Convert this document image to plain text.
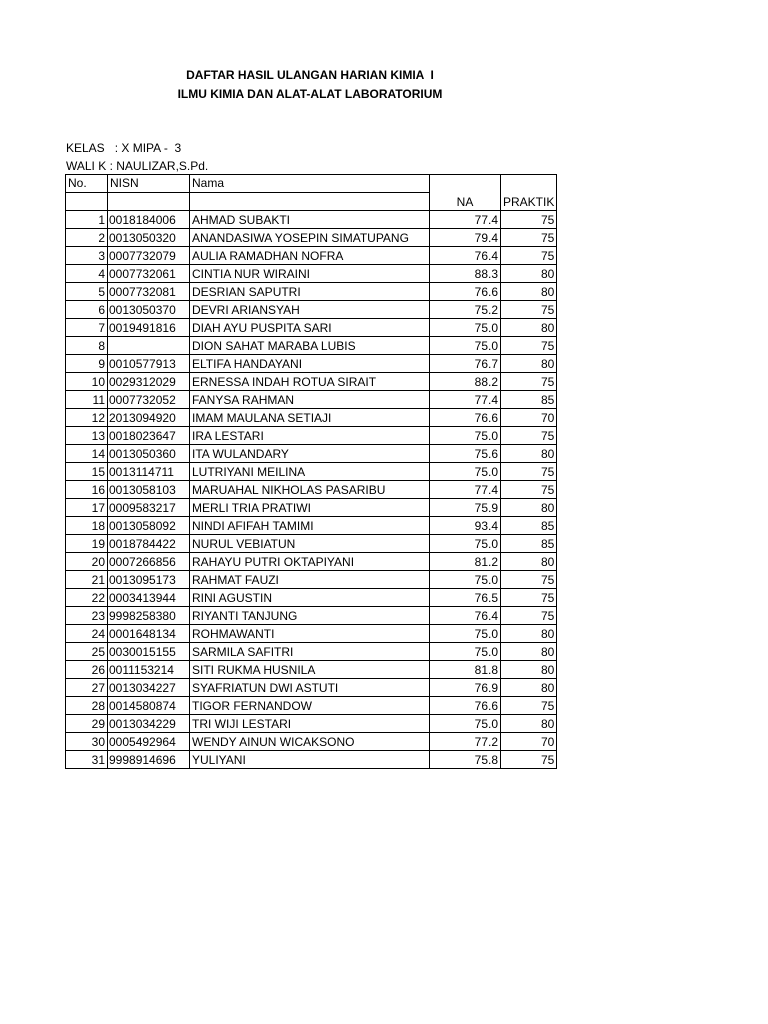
DAFTAR HASIL ULANGAN HARIAN KIMIA  I
ILMU KIMIA DAN ALAT-ALAT LABORATORIUM
KELAS   : X MIPA -  3
WALI K : NAULIZAR,S.Pd.
No.	NISN	Nama	NA	PRAKTIK

1	0018184006	AHMAD SUBAKTI	77.4	75
2	0013050320	ANANDASIWA YOSEPIN SIMATUPANG	79.4	75
3	0007732079	AULIA RAMADHAN NOFRA	76.4	75
4	0007732061	CINTIA NUR WIRAINI	88.3	80
5	0007732081	DESRIAN SAPUTRI	76.6	80
6	0013050370	DEVRI ARIANSYAH	75.2	75
7	0019491816	DIAH AYU PUSPITA SARI	75.0	80
8		DION SAHAT MARABA LUBIS	75.0	75
9	0010577913	ELTIFA HANDAYANI	76.7	80
10	0029312029	ERNESSA INDAH ROTUA SIRAIT	88.2	75
11	0007732052	FANYSA RAHMAN	77.4	85
12	2013094920	IMAM MAULANA SETIAJI	76.6	70
13	0018023647	IRA LESTARI	75.0	75
14	0013050360	ITA WULANDARY	75.6	80
15	0013114711	LUTRIYANI MEILINA	75.0	75
16	0013058103	MARUAHAL NIKHOLAS PASARIBU	77.4	75
17	0009583217	MERLI TRIA PRATIWI	75.9	80
18	0013058092	NINDI AFIFAH TAMIMI	93.4	85
19	0018784422	NURUL VEBIATUN	75.0	85
20	0007266856	RAHAYU PUTRI OKTAPIYANI	81.2	80
21	0013095173	RAHMAT FAUZI	75.0	75
22	0003413944	RINI AGUSTIN	76.5	75
23	9998258380	RIYANTI TANJUNG	76.4	75
24	0001648134	ROHMAWANTI	75.0	80
25	0030015155	SARMILA SAFITRI	75.0	80
26	0011153214	SITI RUKMA HUSNILA	81.8	80
27	0013034227	SYAFRIATUN DWI ASTUTI	76.9	80
28	0014580874	TIGOR FERNANDOW	76.6	75
29	0013034229	TRI WIJI LESTARI	75.0	80
30	0005492964	WENDY AINUN WICAKSONO	77.2	70
31	9998914696	YULIYANI	75.8	75
